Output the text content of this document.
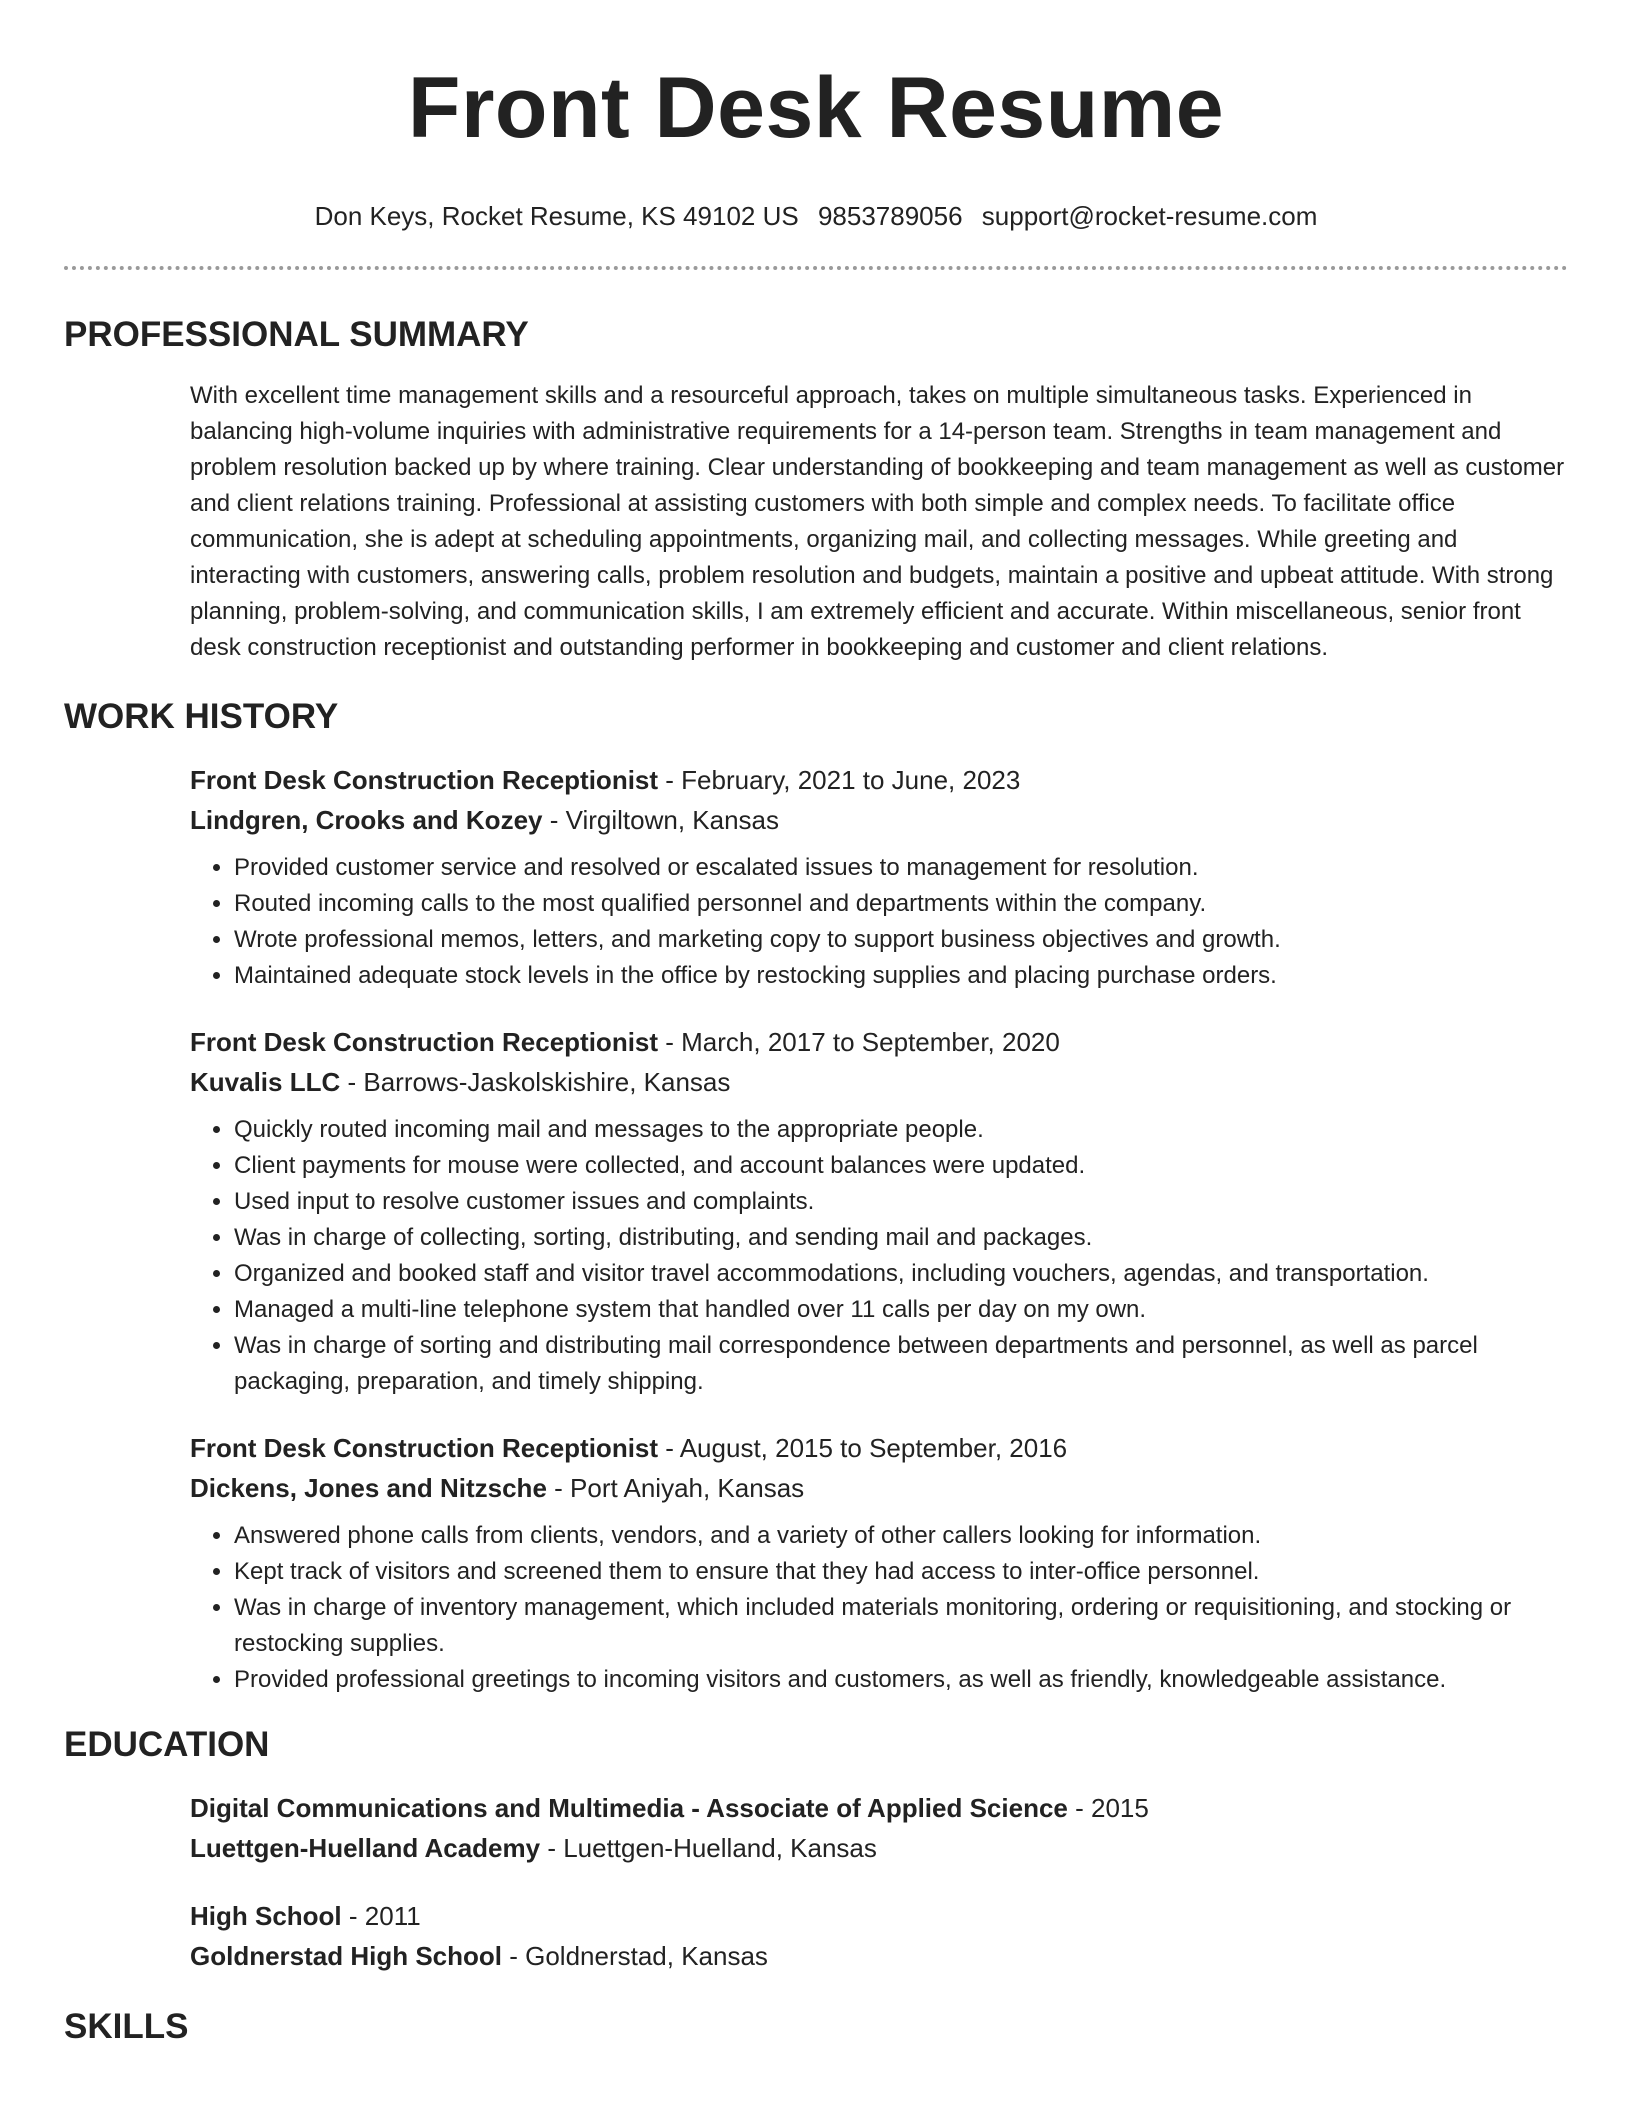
Front Desk Resume
Don Keys, Rocket Resume, KS 49102 US 9853789056 support@rocket-resume.com
PROFESSIONAL SUMMARY

With excellent time management skills and a resourceful approach, takes on multiple simultaneous tasks. Experienced in balancing high-volume inquiries with administrative requirements for a 14-person team. Strengths in team management and problem resolution backed up by where training. Clear understanding of bookkeeping and team management as well as customer and client relations training. Professional at assisting customers with both simple and complex needs. To facilitate office communication, she is adept at scheduling appointments, organizing mail, and collecting messages. While greeting and interacting with customers, answering calls, problem resolution and budgets, maintain a positive and upbeat attitude. With strong planning, problem-solving, and communication skills, I am extremely efficient and accurate. Within miscellaneous, senior front desk construction receptionist and outstanding performer in bookkeeping and customer and client relations.

WORK HISTORY
Front Desk Construction Receptionist - February, 2021 to June, 2023
Lindgren, Crooks and Kozey - Virgiltown, Kansas
• Provided customer service and resolved or escalated issues to management for resolution.
• Routed incoming calls to the most qualified personnel and departments within the company.
• Wrote professional memos, letters, and marketing copy to support business objectives and growth.
• Maintained adequate stock levels in the office by restocking supplies and placing purchase orders.
Front Desk Construction Receptionist - March, 2017 to September, 2020
Kuvalis LLC - Barrows-Jaskolskishire, Kansas
• Quickly routed incoming mail and messages to the appropriate people.
• Client payments for mouse were collected, and account balances were updated.
• Used input to resolve customer issues and complaints.
• Was in charge of collecting, sorting, distributing, and sending mail and packages.
• Organized and booked staff and visitor travel accommodations, including vouchers, agendas, and transportation.
• Managed a multi-line telephone system that handled over 11 calls per day on my own.
• Was in charge of sorting and distributing mail correspondence between departments and personnel, as well as parcel packaging, preparation, and timely shipping.
Front Desk Construction Receptionist - August, 2015 to September, 2016
Dickens, Jones and Nitzsche - Port Aniyah, Kansas
• Answered phone calls from clients, vendors, and a variety of other callers looking for information.
• Kept track of visitors and screened them to ensure that they had access to inter-office personnel.
• Was in charge of inventory management, which included materials monitoring, ordering or requisitioning, and stocking or restocking supplies.
• Provided professional greetings to incoming visitors and customers, as well as friendly, knowledgeable assistance.
EDUCATION
Digital Communications and Multimedia - Associate of Applied Science - 2015
Luettgen-Huelland Academy - Luettgen-Huelland, Kansas
High School - 2011
Goldnerstad High School - Goldnerstad, Kansas
SKILLS
